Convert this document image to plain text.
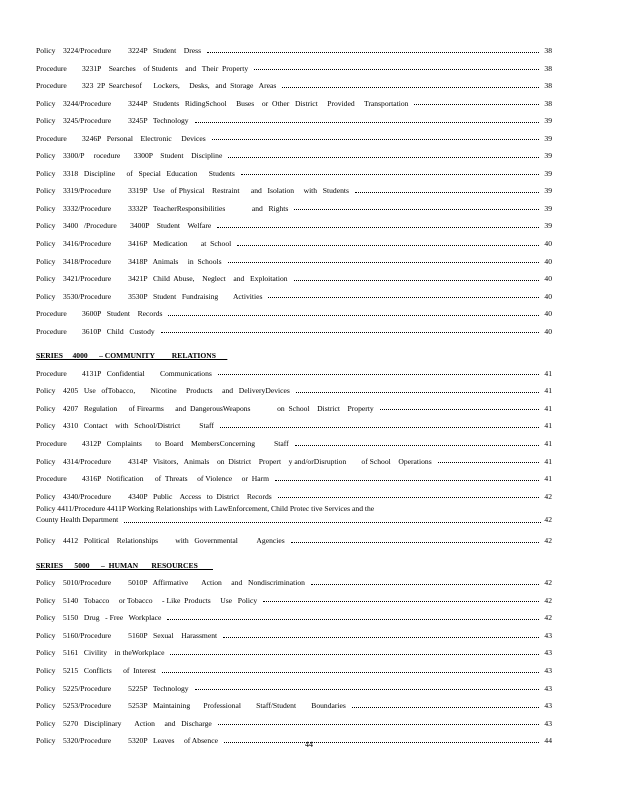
Policy    3224/Procedure         3224P   Student    Dress	38
Procedure        3231P    Searches    of Students    and   Their  Property	38
Procedure        323  2P  Searchesof      Lockers,     Desks,   and  Storage   Areas	38
Policy    3244/Procedure         3244P   Students   RidingSchool     Buses    or  Other   District     Provided     Transportation	38
Policy    3245/Procedure         3245P   Technology	39
Procedure        3246P   Personal    Electronic     Devices	39
Policy    3300/P     rocedure       3300P    Student    Discipline	39
Policy    3318   Discipline      of   Special   Education      Students	39
Policy    3319/Procedure         3319P   Use   of Physical    Restraint      and   Isolation     with   Students	39
Policy    3332/Procedure         3332P   TeacherResponsibilities              and   Rights	39
Policy    3400   /Procedure       3400P    Student    Welfare	39
Policy    3416/Procedure         3416P   Medication       at  School	40
Policy    3418/Procedure         3418P   Animals     in  Schools	40
Policy    3421/Procedure         3421P   Child  Abuse,    Neglect    and   Exploitation	40
Policy    3530/Procedure         3530P   Student   Fundraising        Activities	40
Procedure        3600P   Student    Records	40
Procedure        3610P   Child   Custody	40
SERIES     4000      – COMMUNITY         RELATIONS
Procedure        4131P   Confidential        Communications	41
Policy    4205   Use   ofTobacco,        Nicotine     Products     and   DeliveryDevices	41
Policy    4207   Regulation      of Firearms      and  DangerousWeapons              on  School    District    Property	41
Policy    4310   Contact    with   School/District          Staff	41
Procedure        4312P   Complaints       to  Board    MembersConcerning          Staff	41
Policy    4314/Procedure         4314P   Visitors,   Animals    on  District    Propert    y and/orDisruption        of School    Operations	41
Procedure        4316P   Notification      of  Threats     of Violence     or  Harm	41
Policy    4340/Procedure         4340P   Public    Access   to  District    Records	42
Policy 4411/Procedure 4411P Working Relationships with LawEnforcement, Child Protec tive Services and the
County Health Department	42
Policy    4412   Political    Relationships         with   Governmental          Agencies	42
SERIES      5000      –  HUMAN       RESOURCES
Policy    5010/Procedure         5010P   Affirmative       Action     and   Nondiscrimination	42
Policy    5140   Tobacco     or Tobacco     - Like  Products     Use   Policy	42
Policy    5150   Drug   - Free   Workplace	42
Policy    5160/Procedure         5160P   Sexual    Harassment	43
Policy    5161   Civility    in theWorkplace	43
Policy    5215   Conflicts      of  Interest	43
Policy    5225/Procedure         5225P   Technology	43
Policy    5253/Procedure         5253P   Maintaining       Professional        Staff/Student        Boundaries	43
Policy    5270   Disciplinary       Action     and   Discharge	43
Policy    5320/Procedure         5320P   Leaves     of Absence	44
44
